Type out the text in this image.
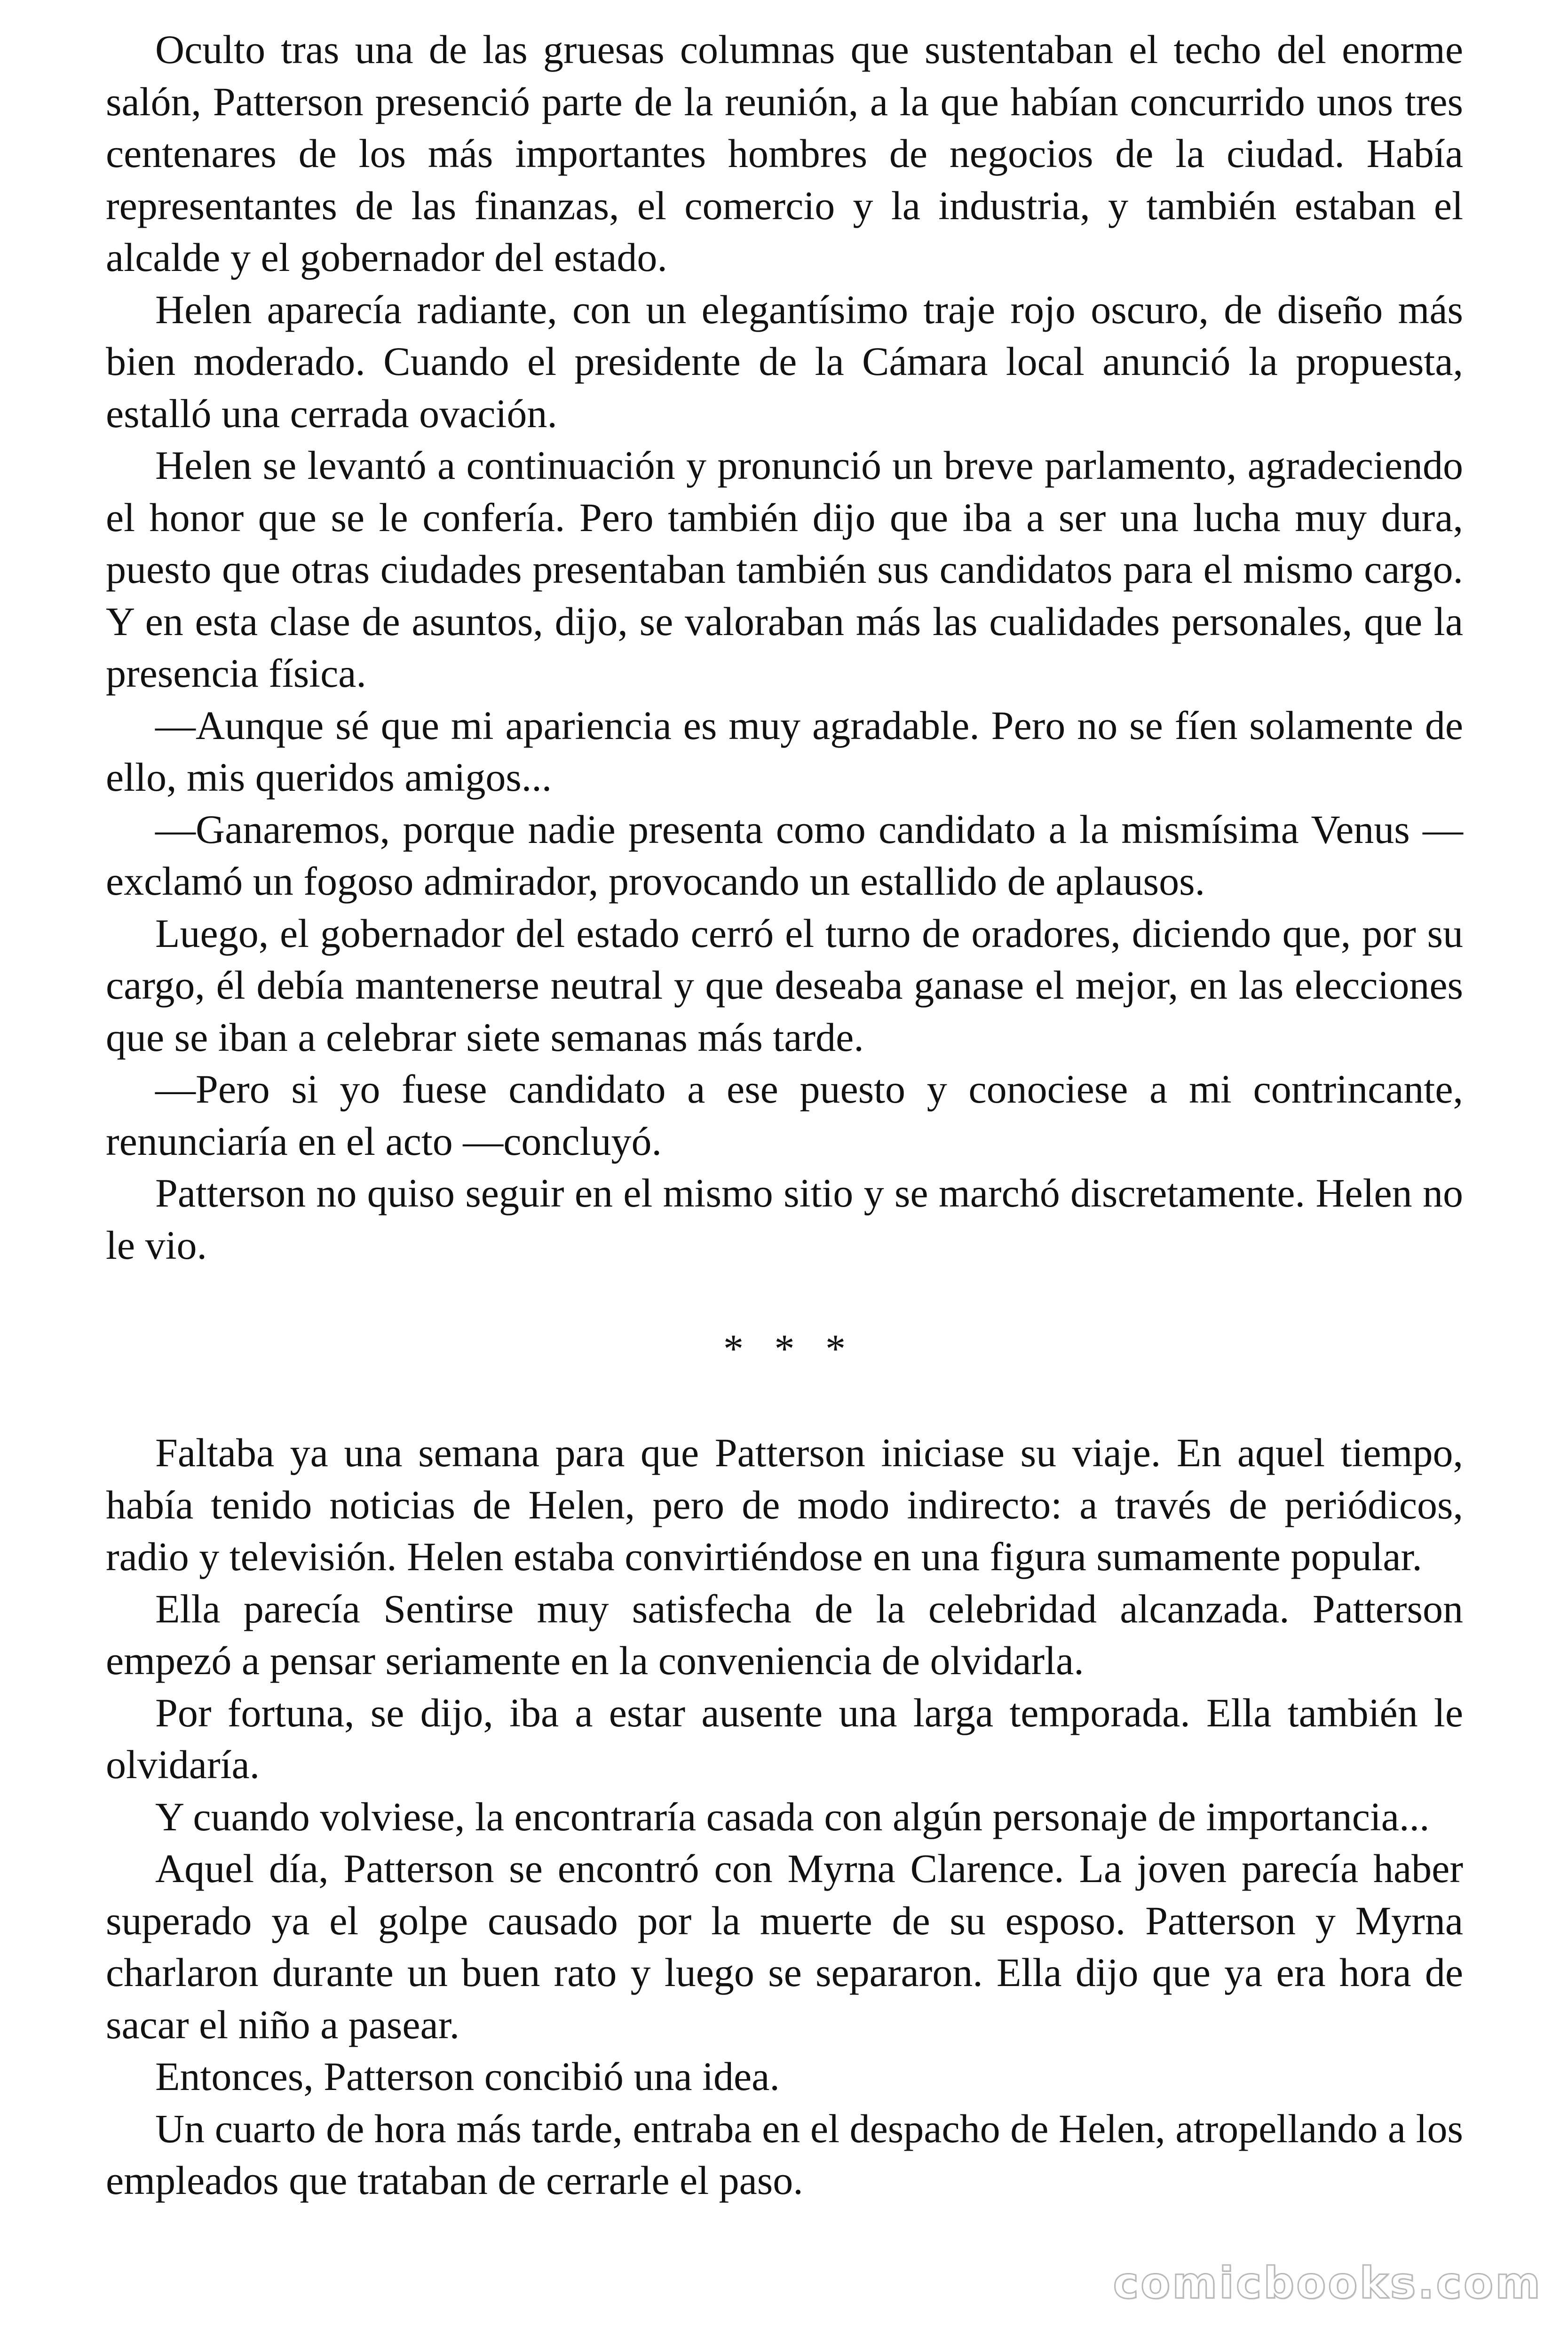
Oculto tras una de las gruesas columnas que sustentaban el techo del enorme salón, Patterson presenció parte de la reunión, a la que habían concurrido unos tres centenares de los más importantes hombres de negocios de la ciudad. Había representantes de las finanzas, el comercio y la industria, y también estaban el alcalde y el gobernador del estado.

Helen aparecía radiante, con un elegantísimo traje rojo oscuro, de diseño más bien moderado. Cuando el presidente de la Cámara local anunció la propuesta, estalló una cerrada ovación.

Helen se levantó a continuación y pronunció un breve parlamento, agradeciendo el honor que se le confería. Pero también dijo que iba a ser una lucha muy dura, puesto que otras ciudades presentaban también sus candidatos para el mismo cargo. Y en esta clase de asuntos, dijo, se valoraban más las cualidades personales, que la presencia física.

—Aunque sé que mi apariencia es muy agradable. Pero no se fíen solamente de ello, mis queridos amigos...

—Ganaremos, porque nadie presenta como candidato a la mismísima Venus —exclamó un fogoso admirador, provocando un estallido de aplausos.

Luego, el gobernador del estado cerró el turno de oradores, diciendo que, por su cargo, él debía mantenerse neutral y que deseaba ganase el mejor, en las elecciones que se iban a celebrar siete semanas más tarde.

—Pero si yo fuese candidato a ese puesto y conociese a mi contrincante, renunciaría en el acto —concluyó.

Patterson no quiso seguir en el mismo sitio y se marchó discretamente. Helen no le vio.

* * *

Faltaba ya una semana para que Patterson iniciase su viaje. En aquel tiempo, había tenido noticias de Helen, pero de modo indirecto: a través de periódicos, radio y televisión. Helen estaba convirtiéndose en una figura sumamente popular.

Ella parecía Sentirse muy satisfecha de la celebridad alcanzada. Patterson empezó a pensar seriamente en la conveniencia de olvidarla.

Por fortuna, se dijo, iba a estar ausente una larga temporada. Ella también le olvidaría.

Y cuando volviese, la encontraría casada con algún personaje de importancia...

Aquel día, Patterson se encontró con Myrna Clarence. La joven parecía haber superado ya el golpe causado por la muerte de su esposo. Patterson y Myrna charlaron durante un buen rato y luego se separaron. Ella dijo que ya era hora de sacar el niño a pasear.

Entonces, Patterson concibió una idea.

Un cuarto de hora más tarde, entraba en el despacho de Helen, atropellando a los empleados que trataban de cerrarle el paso.

comicbooks.com
